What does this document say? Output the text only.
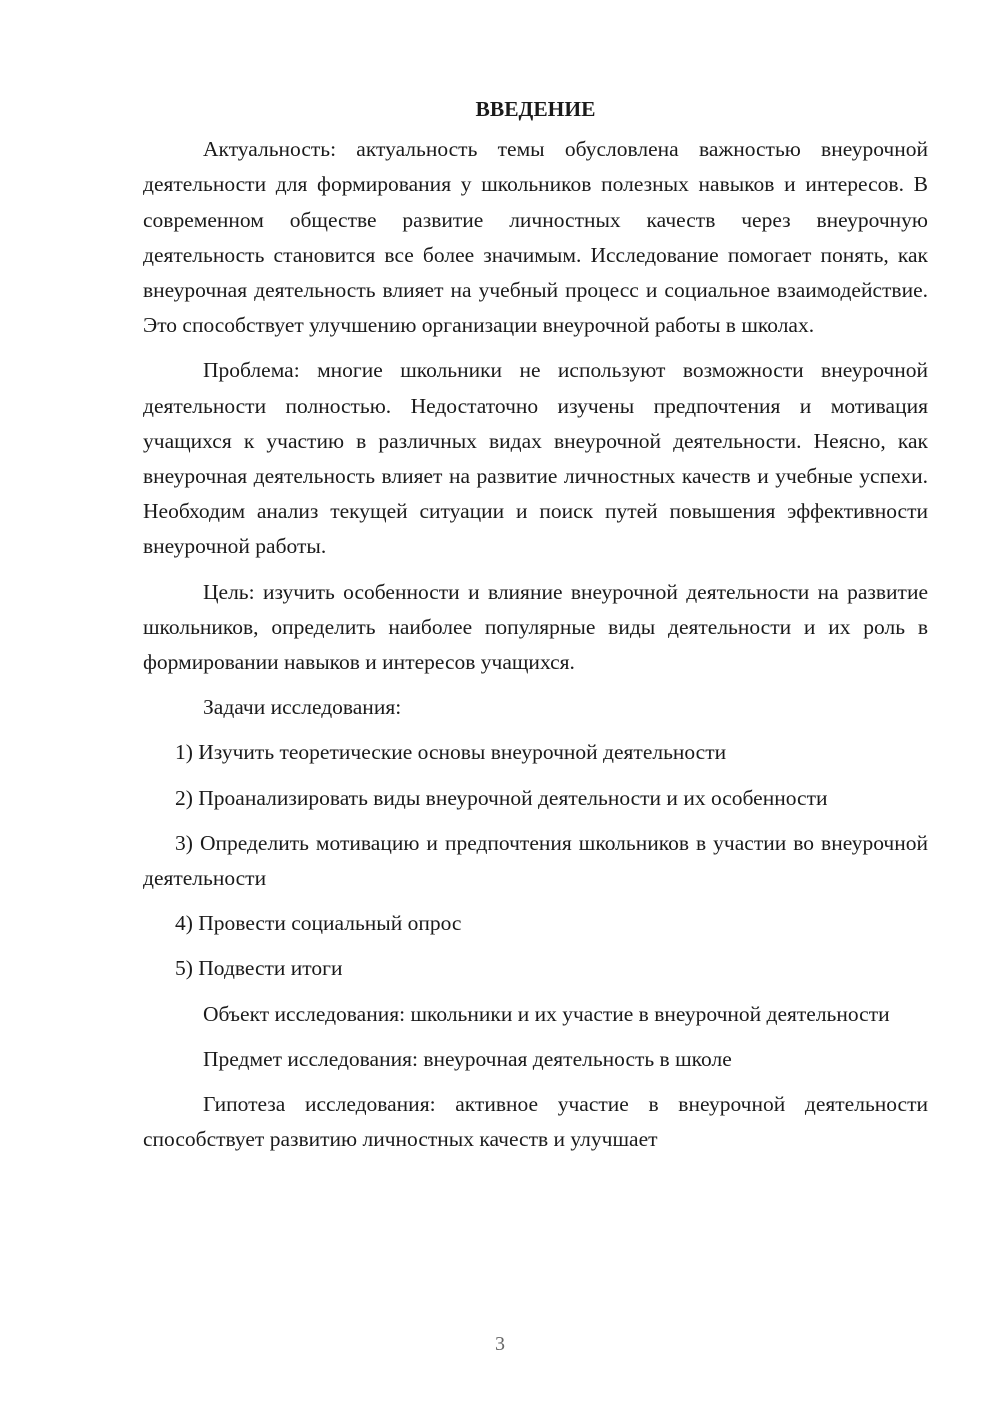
ВВЕДЕНИЕ

Актуальность: актуальность темы обусловлена важностью внеурочной деятельности для формирования у школьников полезных навыков и интересов. В современном обществе развитие личностных качеств через внеурочную деятельность становится все более значимым. Исследование помогает понять, как внеурочная деятельность влияет на учебный процесс и социальное взаимодействие. Это способствует улучшению организации внеурочной работы в школах.

Проблема: многие школьники не используют возможности внеурочной деятельности полностью. Недостаточно изучены предпочтения и мотивация учащихся к участию в различных видах внеурочной деятельности. Неясно, как внеурочная деятельность влияет на развитие личностных качеств и учебные успехи. Необходим анализ текущей ситуации и поиск путей повышения эффективности внеурочной работы.

Цель: изучить особенности и влияние внеурочной деятельности на развитие школьников, определить наиболее популярные виды деятельности и их роль в формировании навыков и интересов учащихся.

Задачи исследования:

1) Изучить теоретические основы внеурочной деятельности

2) Проанализировать виды внеурочной деятельности и их особенности

3) Определить мотивацию и предпочтения школьников в участии во внеурочной деятельности

4) Провести социальный опрос

5) Подвести итоги

Объект исследования: школьники и их участие в внеурочной деятельности

Предмет исследования: внеурочная деятельность в школе

Гипотеза исследования: активное участие в внеурочной деятельности способствует развитию личностных качеств и улучшает

3
